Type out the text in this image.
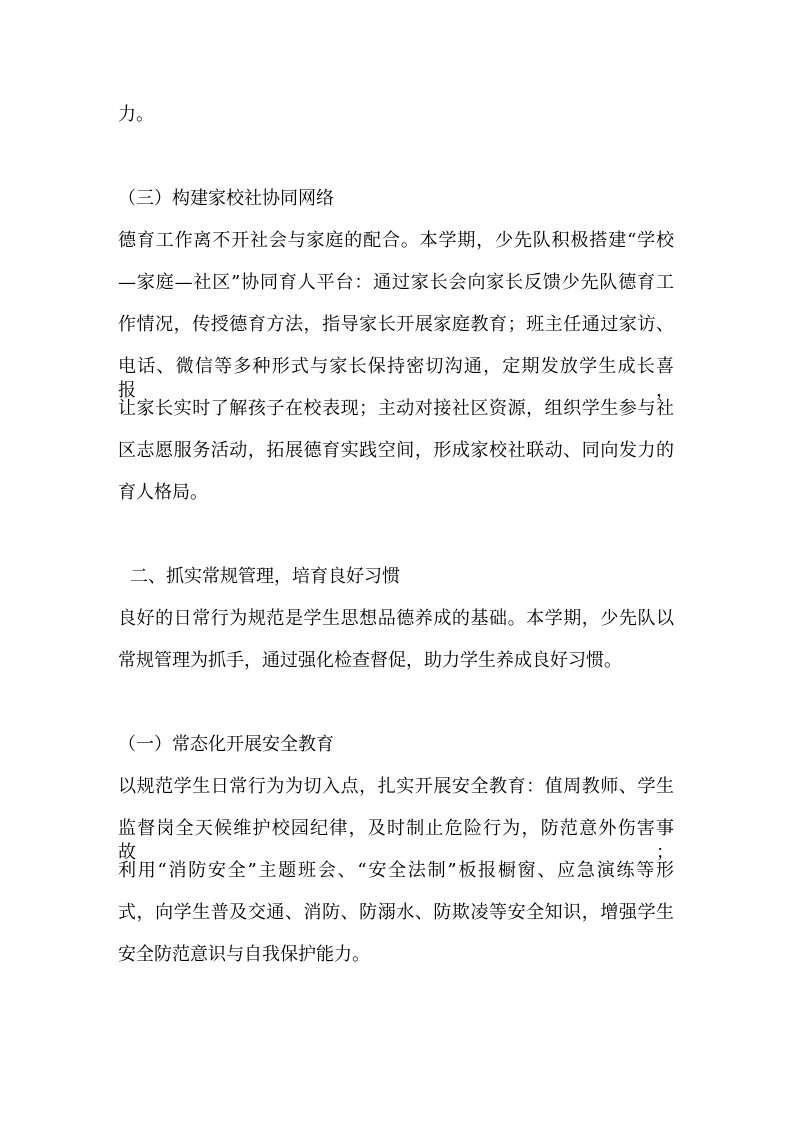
力。
（三）构建家校社协同网络
德育工作离不开社会与家庭的配合。本学期，少先队积极搭建“学校
—家庭—社区”协同育人平台：通过家长会向家长反馈少先队德育工
作情况，传授德育方法，指导家长开展家庭教育；班主任通过家访、
电话、微信等多种形式与家长保持密切沟通，定期发放学生成长喜报，
让家长实时了解孩子在校表现；主动对接社区资源，组织学生参与社
区志愿服务活动，拓展德育实践空间，形成家校社联动、同向发力的
育人格局。
二、抓实常规管理，培育良好习惯
良好的日常行为规范是学生思想品德养成的基础。本学期，少先队以
常规管理为抓手，通过强化检查督促，助力学生养成良好习惯。
（一）常态化开展安全教育
以规范学生日常行为为切入点，扎实开展安全教育：值周教师、学生
监督岗全天候维护校园纪律，及时制止危险行为，防范意外伤害事故；
利用“消防安全”主题班会、“安全法制”板报橱窗、应急演练等形
式，向学生普及交通、消防、防溺水、防欺凌等安全知识，增强学生
安全防范意识与自我保护能力。
